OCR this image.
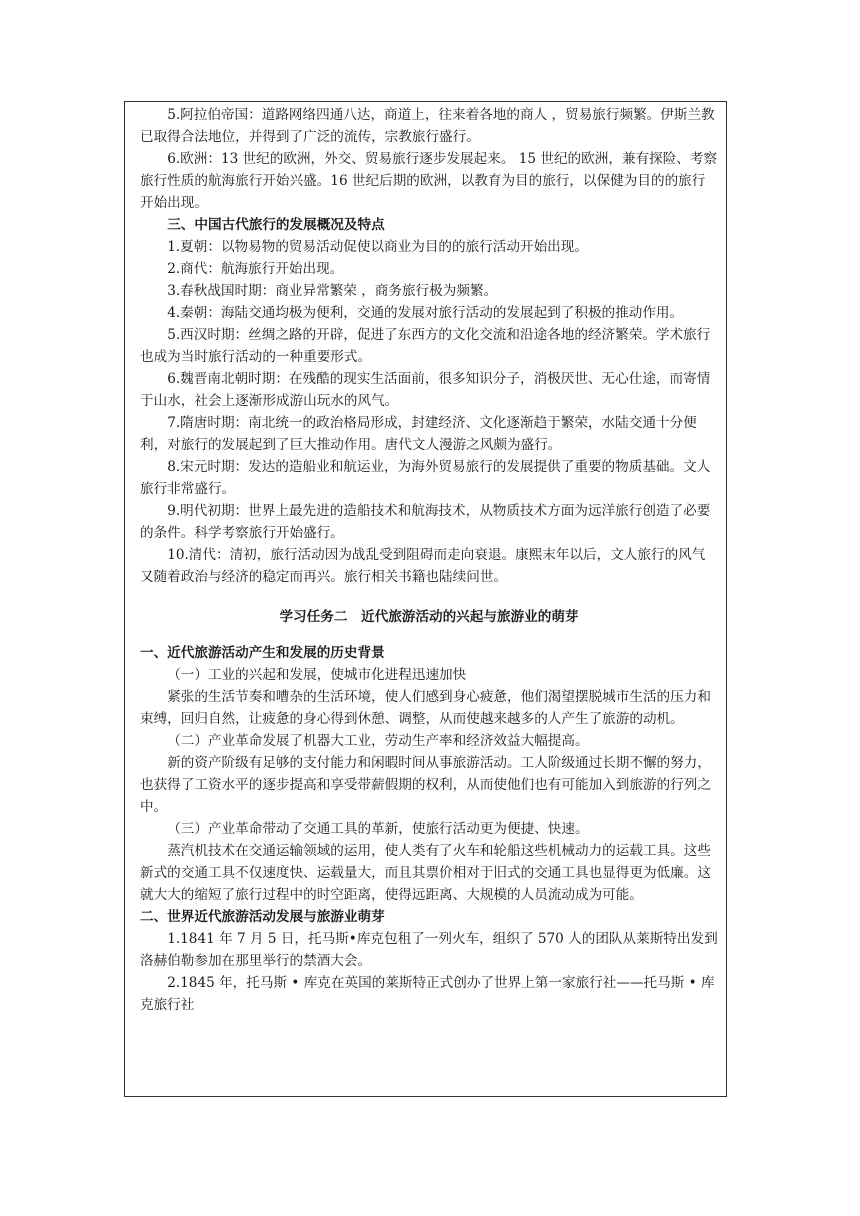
5.阿拉伯帝国：道路网络四通八达，商道上，往来着各地的商人 ，贸易旅行频繁。伊斯兰教已取得合法地位，并得到了广泛的流传，宗教旅行盛行。

6.欧洲：13 世纪的欧洲，外交、贸易旅行逐步发展起来。 15 世纪的欧洲，兼有探险、考察旅行性质的航海旅行开始兴盛。16 世纪后期的欧洲，以教育为目的旅行，以保健为目的的旅行开始出现。

三、中国古代旅行的发展概况及特点

1.夏朝：以物易物的贸易活动促使以商业为目的的旅行活动开始出现。

2.商代：航海旅行开始出现。

3.春秋战国时期：商业异常繁荣 ，商务旅行极为频繁。

4.秦朝：海陆交通均极为便利，交通的发展对旅行活动的发展起到了积极的推动作用。

5.西汉时期：丝绸之路的开辟，促进了东西方的文化交流和沿途各地的经济繁荣。学术旅行也成为当时旅行活动的一种重要形式。

6.魏晋南北朝时期：在残酷的现实生活面前，很多知识分子，消极厌世、无心仕途，而寄情于山水，社会上逐渐形成游山玩水的风气。

7.隋唐时期：南北统一的政治格局形成，封建经济、文化逐渐趋于繁荣，水陆交通十分便利，对旅行的发展起到了巨大推动作用。唐代文人漫游之风颇为盛行。

8.宋元时期：发达的造船业和航运业，为海外贸易旅行的发展提供了重要的物质基础。文人旅行非常盛行。

9.明代初期：世界上最先进的造船技术和航海技术，从物质技术方面为远洋旅行创造了必要的条件。科学考察旅行开始盛行。

10.清代：清初，旅行活动因为战乱受到阻碍而走向衰退。康熙末年以后，文人旅行的风气又随着政治与经济的稳定而再兴。旅行相关书籍也陆续问世。

学习任务二　近代旅游活动的兴起与旅游业的萌芽

一、近代旅游活动产生和发展的历史背景

（一）工业的兴起和发展，使城市化进程迅速加快

紧张的生活节奏和嘈杂的生活环境，使人们感到身心疲惫，他们渴望摆脱城市生活的压力和束缚，回归自然，让疲惫的身心得到休憩、调整，从而使越来越多的人产生了旅游的动机。

（二）产业革命发展了机器大工业，劳动生产率和经济效益大幅提高。

新的资产阶级有足够的支付能力和闲暇时间从事旅游活动。工人阶级通过长期不懈的努力，也获得了工资水平的逐步提高和享受带薪假期的权利，从而使他们也有可能加入到旅游的行列之中。

（三）产业革命带动了交通工具的革新，使旅行活动更为便捷、快速。

蒸汽机技术在交通运输领域的运用，使人类有了火车和轮船这些机械动力的运载工具。这些新式的交通工具不仅速度快、运载量大，而且其票价相对于旧式的交通工具也显得更为低廉。这就大大的缩短了旅行过程中的时空距离，使得远距离、大规模的人员流动成为可能。

二、世界近代旅游活动发展与旅游业萌芽

1.1841 年 7 月 5 日，托马斯•库克包租了一列火车，组织了 570 人的团队从莱斯特出发到洛赫伯勒参加在那里举行的禁酒大会。

2.1845 年，托马斯 • 库克在英国的莱斯特正式创办了世界上第一家旅行社——托马斯 • 库克旅行社
